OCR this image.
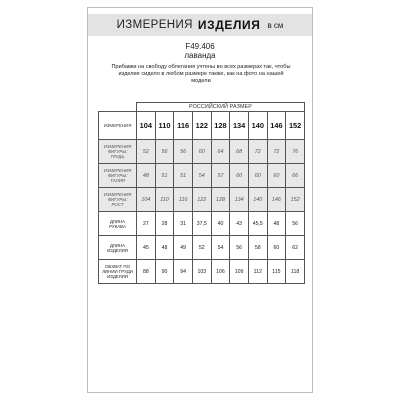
ИЗМЕРЕНИЯ ИЗДЕЛИЯ в см
F49.406
лаванда
Прибавки на свободу облегания учтены во всех размерах так, чтобы
изделие сидело в любом размере также, как на фото на нашей
модели
	РОССИЙСКИЙ РАЗМЕР								
ИЗМЕРЕНИЯ	104	110	116	122	128	134	140	146	152

ИЗМЕРЕНИЯ
ФИГУРЫ:
ГРУДЬ	52	56	56	60	64	68	72	72	76

ИЗМЕРЕНИЯ
ФИГУРЫ:
ТАЛИЯ	48	51	51	54	57	60	60	60	66

ИЗМЕРЕНИЯ
ФИГУРЫ:
РОСТ	104	110	116	122	128	134	140	146	152

ДЛИНА
РУКАВА	27	28	31	37,5	40	43	45,5	48	56

ДЛИНА
ИЗДЕЛИЯ	45	48	49	52	54	56	58	60	62

ОБХВАТ ПО
ЛИНИИ ГРУДИ
ИЗДЕЛИЯ	88	90	94	103	106	109	112	115	118
